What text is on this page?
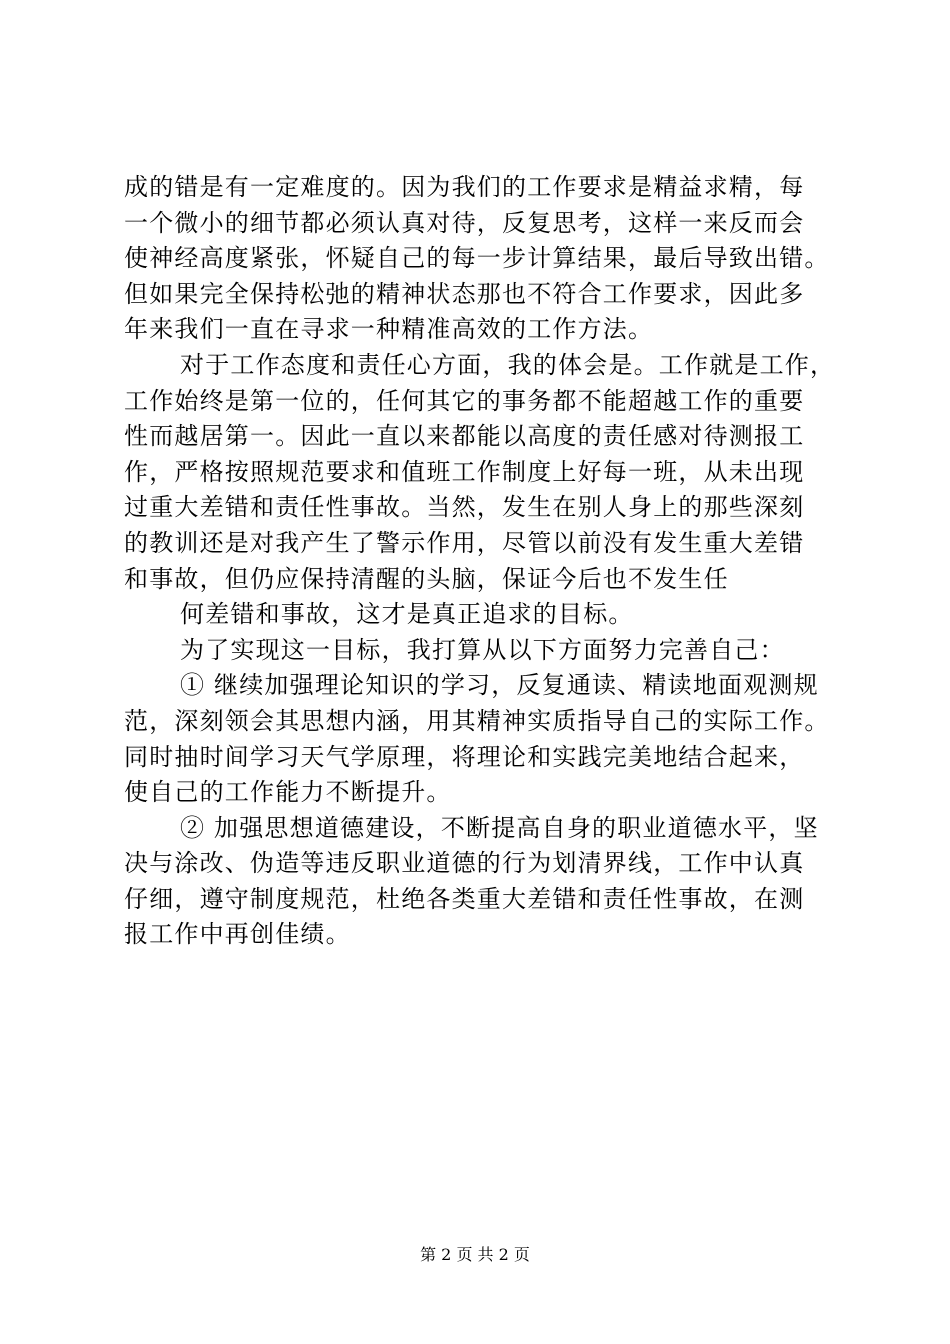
成的错是有一定难度的。因为我们的工作要求是精益求精，每
一个微小的细节都必须认真对待，反复思考，这样一来反而会
使神经高度紧张，怀疑自己的每一步计算结果，最后导致出错。
但如果完全保持松弛的精神状态那也不符合工作要求，因此多
年来我们一直在寻求一种精准高效的工作方法。
对于工作态度和责任心方面，我的体会是。工作就是工作，
工作始终是第一位的，任何其它的事务都不能超越工作的重要
性而越居第一。因此一直以来都能以高度的责任感对待测报工
作，严格按照规范要求和值班工作制度上好每一班，从未出现
过重大差错和责任性事故。当然，发生在别人身上的那些深刻
的教训还是对我产生了警示作用，尽管以前没有发生重大差错
和事故，但仍应保持清醒的头脑，保证今后也不发生任
何差错和事故，这才是真正追求的目标。
为了实现这一目标，我打算从以下方面努力完善自己：
① 继续加强理论知识的学习，反复通读、精读地面观测规
范，深刻领会其思想内涵，用其精神实质指导自己的实际工作。
同时抽时间学习天气学原理，将理论和实践完美地结合起来，
使自己的工作能力不断提升。
② 加强思想道德建设，不断提高自身的职业道德水平，坚
决与涂改、伪造等违反职业道德的行为划清界线，工作中认真
仔细，遵守制度规范，杜绝各类重大差错和责任性事故，在测
报工作中再创佳绩。
第 2 页 共 2 页
